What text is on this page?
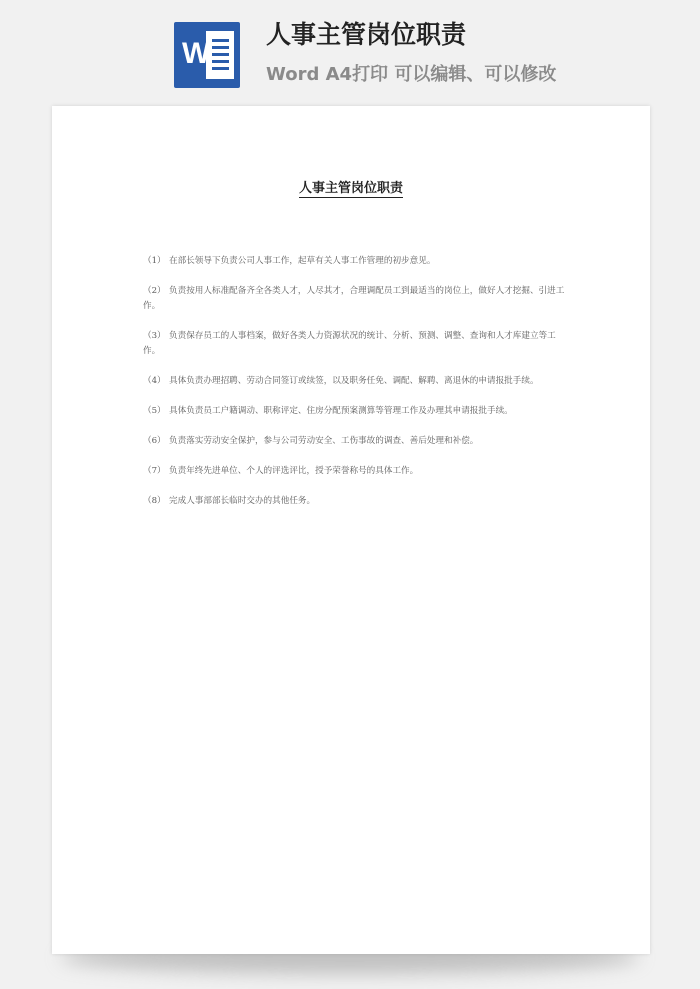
W
人事主管岗位职责
Word A4打印 可以编辑、可以修改
人事主管岗位职责
（1） 在部长领导下负责公司人事工作，起草有关人事工作管理的初步意见。
（2） 负责按用人标准配备齐全各类人才，人尽其才，合理调配员工到最适当的岗位上，做好人才挖掘、引进工作。
（3） 负责保存员工的人事档案，做好各类人力资源状况的统计、分析、预测、调整、查询和人才库建立等工作。
（4） 具体负责办理招聘、劳动合同签订或续签，以及职务任免、调配、解聘、离退休的申请报批手续。
（5） 具体负责员工户籍调动、职称评定、住房分配预案测算等管理工作及办理其申请报批手续。
（6） 负责落实劳动安全保护，参与公司劳动安全、工伤事故的调查、善后处理和补偿。
（7） 负责年终先进单位、个人的评选评比，授予荣誉称号的具体工作。
（8） 完成人事部部长临时交办的其他任务。
